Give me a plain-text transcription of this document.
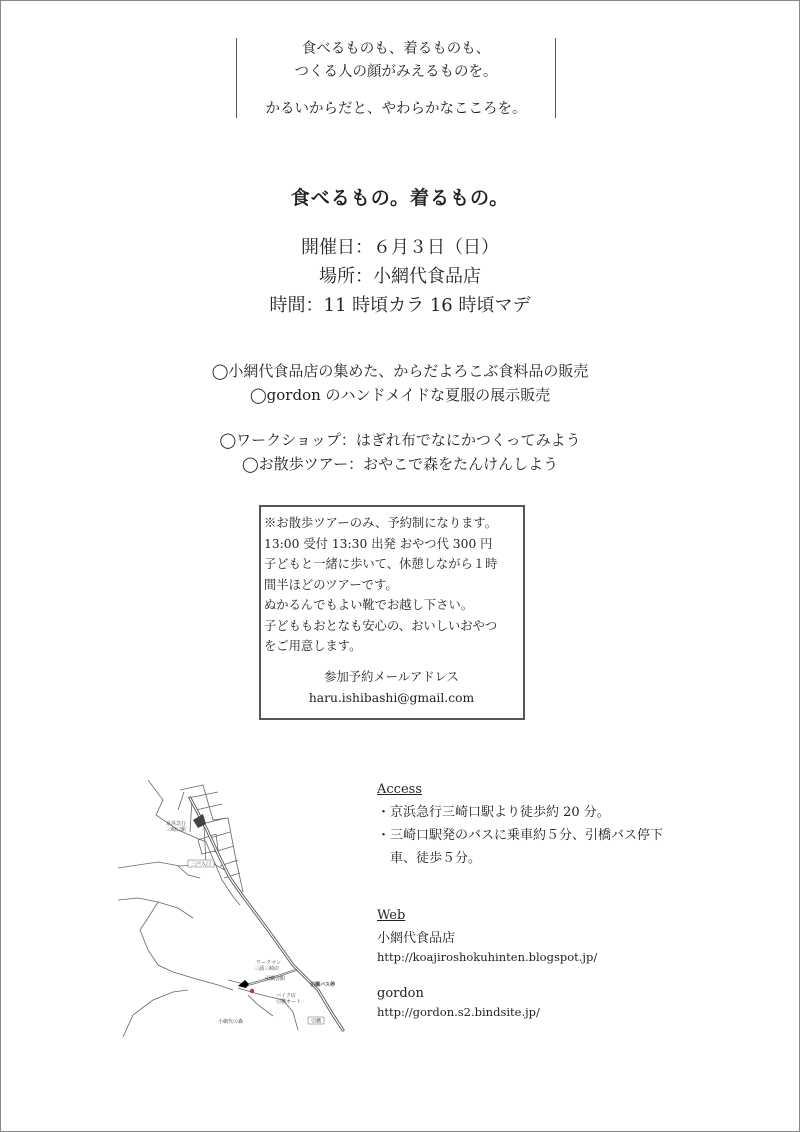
食べるものも、着るものも、
つくる人の顔がみえるものを。
かるいからだと、やわらかなこころを。
食べるもの。着るもの。
開催日：６月３日（日）
場所：小網代食品店
時間：11 時頃カラ 16 時頃マデ
◯小網代食品店の集めた、からだよろこぶ食料品の販売
◯gordon のハンドメイドな夏服の展示販売
◯ワークショップ：はぎれ布でなにかつくってみよう
◯お散歩ツアー：おやこで森をたんけんしよう
※お散歩ツアーのみ、予約制になります。
13:00 受付 13:30 出発 おやつ代 300 円
子どもと一緒に歩いて、休憩しながら１時
間半ほどのツアーです。
ぬかるんでもよい靴でお越し下さい。
子どももおとなも安心の、おいしいおやつ
をご用意します。
参加予約メールアドレス
haru.ishibashi@gmail.com
京浜急行
三崎口駅
三戸入口
ワークマン
三浦三崎店
引橋会館
引橋バス停
バイク店
引橋オート
小網代の森	引橋
Access
・京浜急行三崎口駅より徒歩約 20 分。
・三崎口駅発のバスに乗車約５分、引橋バス停下
　車、徒歩５分。
Web
小網代食品店
http://koajiroshokuhinten.blogspot.jp/
gordon
http://gordon.s2.bindsite.jp/
